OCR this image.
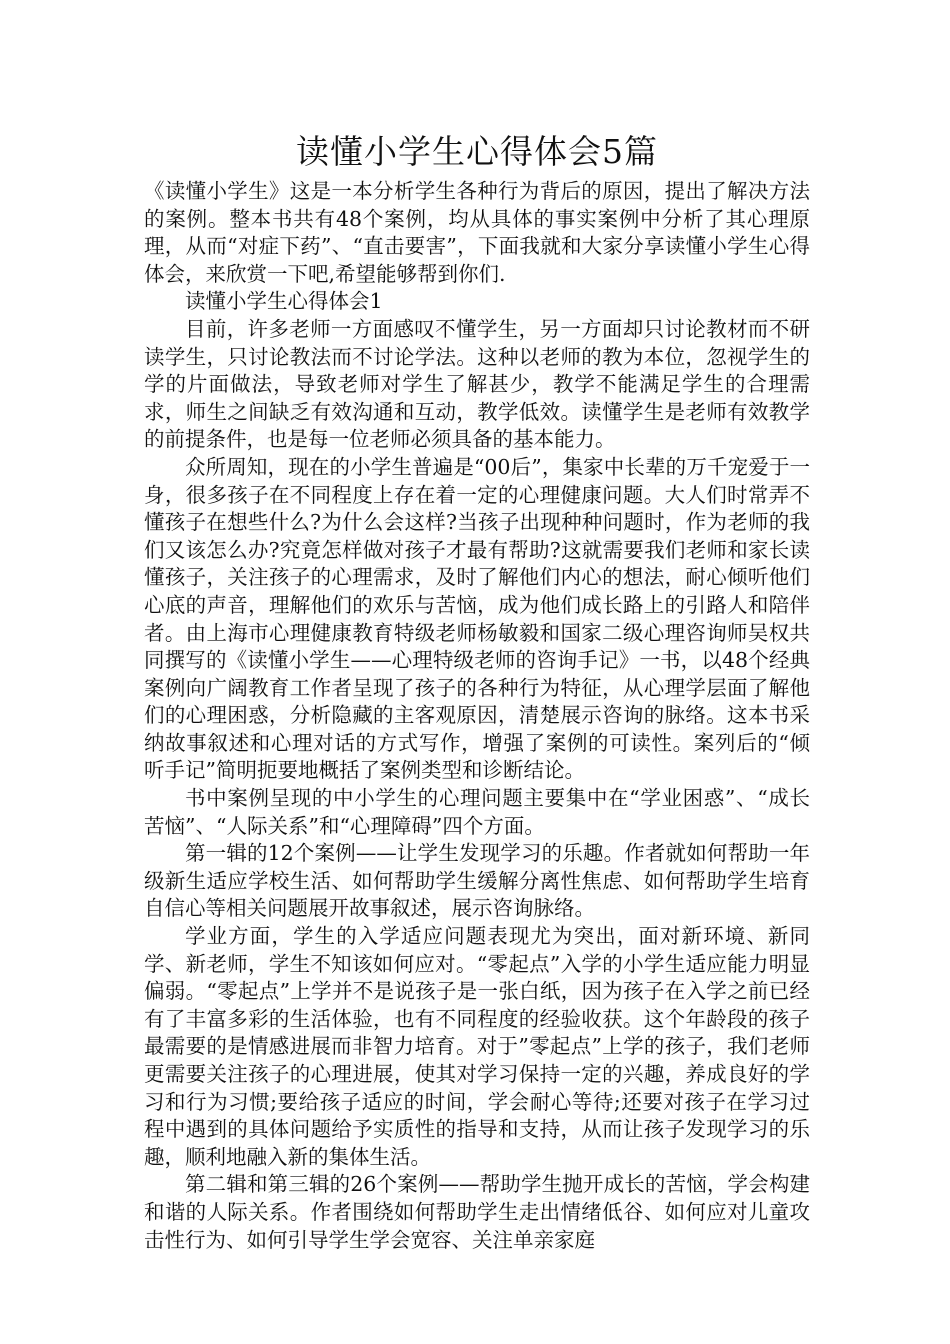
读懂小学生心得体会5篇

《读懂小学生》这是一本分析学生各种行为背后的原因，提出了解决方法的案例。整本书共有48个案例，均从具体的事实案例中分析了其心理原理，从而“对症下药”、“直击要害”，下面我就和大家分享读懂小学生心得体会，来欣赏一下吧,希望能够帮到你们.

读懂小学生心得体会1

目前，许多老师一方面感叹不懂学生，另一方面却只讨论教材而不研读学生，只讨论教法而不讨论学法。这种以老师的教为本位，忽视学生的学的片面做法，导致老师对学生了解甚少，教学不能满足学生的合理需求，师生之间缺乏有效沟通和互动，教学低效。读懂学生是老师有效教学的前提条件，也是每一位老师必须具备的基本能力。

众所周知，现在的小学生普遍是“00后”，集家中长辈的万千宠爱于一身，很多孩子在不同程度上存在着一定的心理健康问题。大人们时常弄不懂孩子在想些什么?为什么会这样?当孩子出现种种问题时，作为老师的我们又该怎么办?究竟怎样做对孩子才最有帮助?这就需要我们老师和家长读懂孩子，关注孩子的心理需求，及时了解他们内心的想法，耐心倾听他们心底的声音，理解他们的欢乐与苦恼，成为他们成长路上的引路人和陪伴者。由上海市心理健康教育特级老师杨敏毅和国家二级心理咨询师吴权共同撰写的《读懂小学生——心理特级老师的咨询手记》一书，以48个经典案例向广阔教育工作者呈现了孩子的各种行为特征，从心理学层面了解他们的心理困惑，分析隐藏的主客观原因，清楚展示咨询的脉络。这本书采纳故事叙述和心理对话的方式写作，增强了案例的可读性。案列后的“倾听手记”简明扼要地概括了案例类型和诊断结论。

书中案例呈现的中小学生的心理问题主要集中在“学业困惑”、“成长苦恼”、“人际关系”和“心理障碍”四个方面。

第一辑的12个案例——让学生发现学习的乐趣。作者就如何帮助一年级新生适应学校生活、如何帮助学生缓解分离性焦虑、如何帮助学生培育自信心等相关问题展开故事叙述，展示咨询脉络。

学业方面，学生的入学适应问题表现尤为突出，面对新环境、新同学、新老师，学生不知该如何应对。“零起点”入学的小学生适应能力明显偏弱。“零起点”上学并不是说孩子是一张白纸，因为孩子在入学之前已经有了丰富多彩的生活体验，也有不同程度的经验收获。这个年龄段的孩子最需要的是情感进展而非智力培育。对于”零起点”上学的孩子，我们老师更需要关注孩子的心理进展，使其对学习保持一定的兴趣，养成良好的学习和行为习惯;要给孩子适应的时间，学会耐心等待;还要对孩子在学习过程中遇到的具体问题给予实质性的指导和支持，从而让孩子发现学习的乐趣，顺利地融入新的集体生活。

第二辑和第三辑的26个案例——帮助学生抛开成长的苦恼，学会构建和谐的人际关系。作者围绕如何帮助学生走出情绪低谷、如何应对儿童攻击性行为、如何引导学生学会宽容、关注单亲家庭
